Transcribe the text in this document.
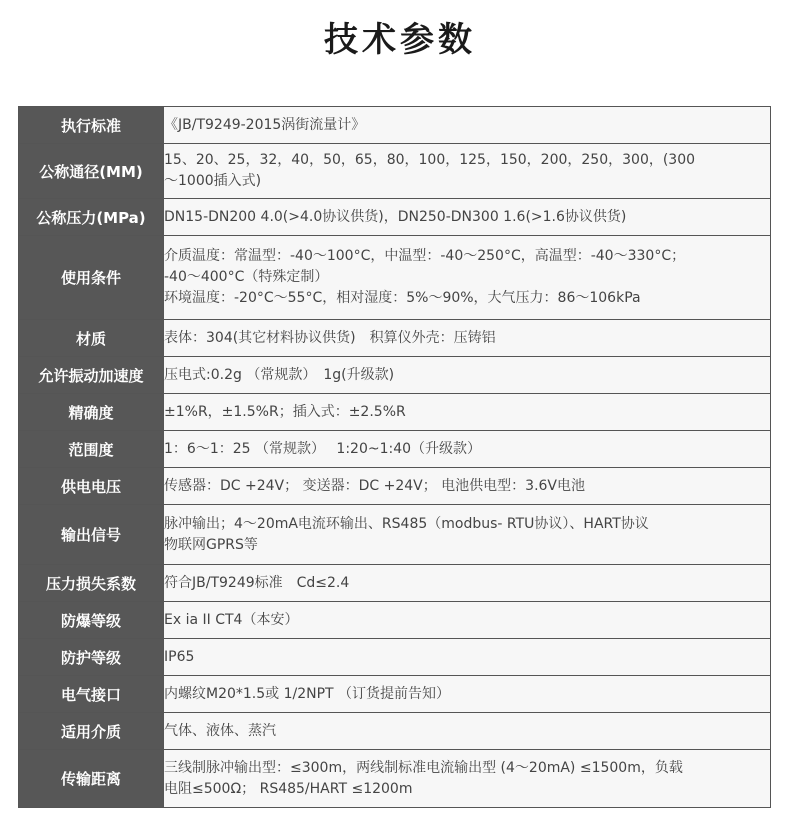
技术参数
执行标准	《JB/T9249-2015涡街流量计》

公称通径(MM)	15、20、25，32，40，50，65，80，100，125，150，200，250，300，(300
～1000插入式)

公称压力(MPa)	DN15-DN200 4.0(>4.0协议供货)，DN250-DN300 1.6(>1.6协议供货)

使用条件	介质温度：常温型：-40～100°C，中温型：-40～250°C，高温型：-40～330°C；
-40～400°C（特殊定制）
环境温度：-20°C～55°C，相对湿度：5%～90%，大气压力：86～106kPa

材质	表体：304(其它材料协议供货)　积算仪外壳：压铸铝

允许振动加速度	压电式:0.2g （常规款）　1g(升级款)

精确度	±1%R，±1.5%R；插入式：±2.5%R

范围度	1：6～1：25 （常规款）　 1:20~1:40（升级款）

供电电压	传感器：DC +24V； 变送器：DC +24V； 电池供电型：3.6V电池

输出信号	脉冲输出；4～20mA电流环输出、RS485（modbus- RTU协议）、HART协议
物联网GPRS等

压力损失系数	符合JB/T9249标准　Cd≤2.4

防爆等级	Ex ia II CT4（本安）

防护等级	IP65

电气接口	内螺纹M20*1.5或 1/2NPT （订货提前告知）

适用介质	气体、液体、蒸汽

传输距离	三线制脉冲输出型：≤300m，两线制标准电流输出型 (4～20mA) ≤1500m，负载
电阻≤500Ω； RS485/HART ≤1200m
